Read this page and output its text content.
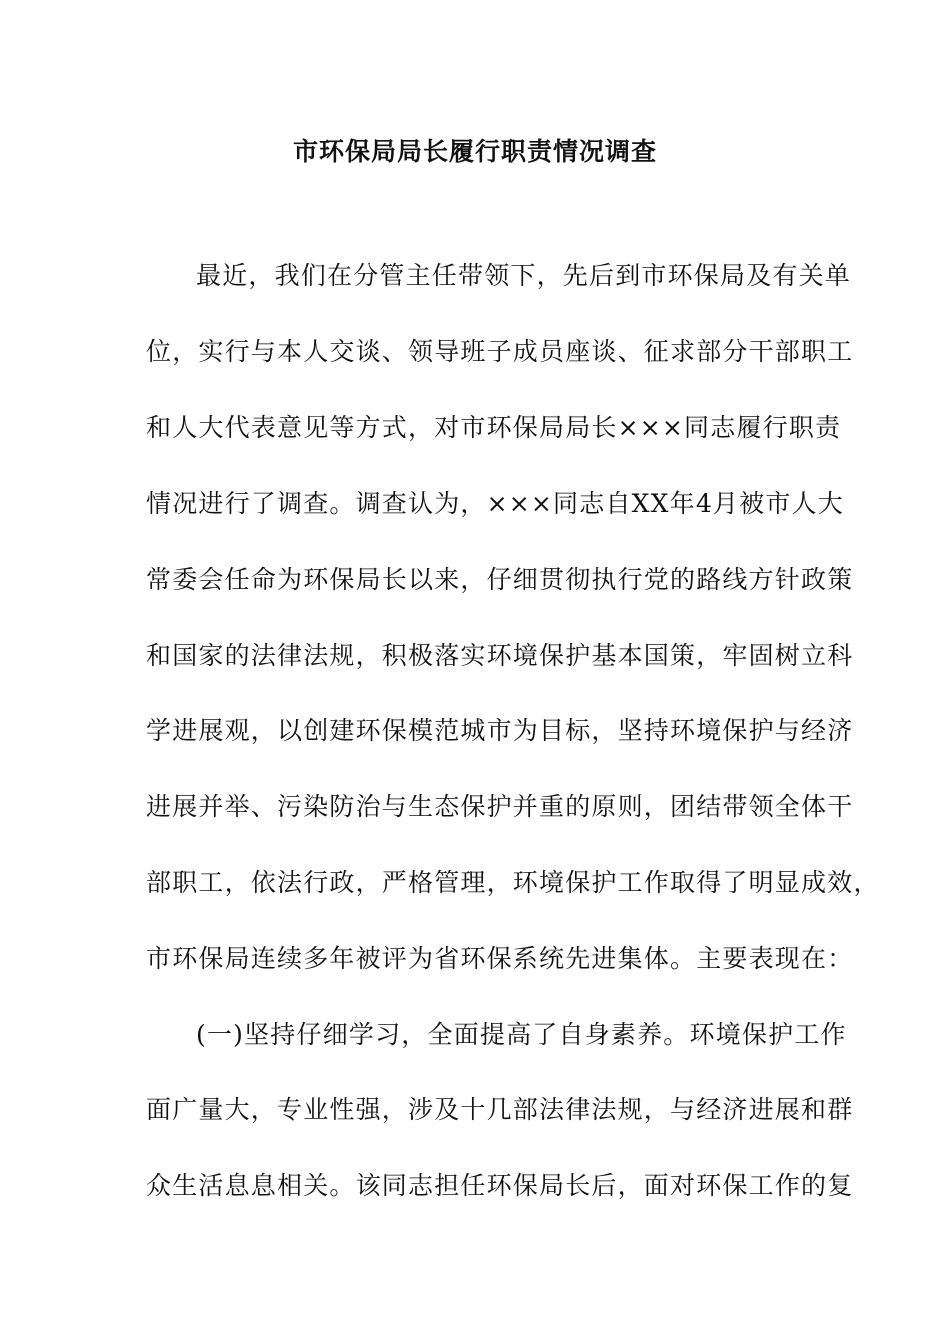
市环保局局长履行职责情况调查
最近，我们在分管主任带领下，先后到市环保局及有关单
位，实行与本人交谈、领导班子成员座谈、征求部分干部职工
和人大代表意见等方式，对市环保局局长×××同志履行职责
情况进行了调查。调查认为，×××同志自XX年4月被市人大
常委会任命为环保局长以来，仔细贯彻执行党的路线方针政策
和国家的法律法规，积极落实环境保护基本国策，牢固树立科
学进展观，以创建环保模范城市为目标，坚持环境保护与经济
进展并举、污染防治与生态保护并重的原则，团结带领全体干
部职工，依法行政，严格管理，环境保护工作取得了明显成效，
市环保局连续多年被评为省环保系统先进集体。主要表现在：
(一)坚持仔细学习，全面提高了自身素养。环境保护工作
面广量大，专业性强，涉及十几部法律法规，与经济进展和群
众生活息息相关。该同志担任环保局长后，面对环保工作的复
